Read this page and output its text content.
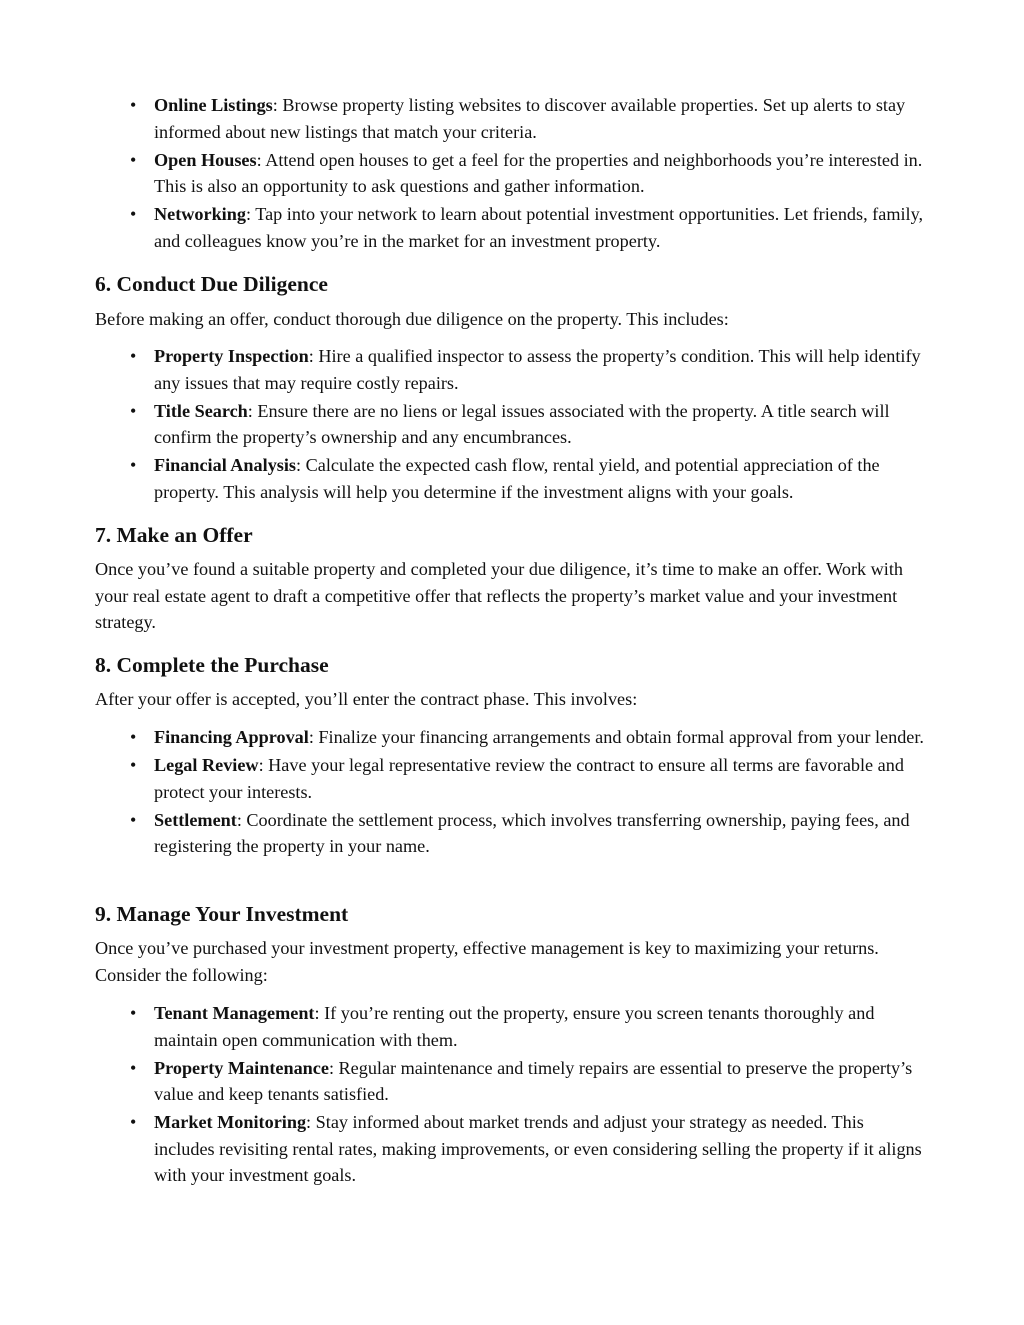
• Online Listings: Browse property listing websites to discover available properties. Set up alerts to stay informed about new listings that match your criteria.
• Open Houses: Attend open houses to get a feel for the properties and neighborhoods you’re interested in. This is also an opportunity to ask questions and gather information.
• Networking: Tap into your network to learn about potential investment opportunities. Let friends, family, and colleagues know you’re in the market for an investment property.
6. Conduct Due Diligence

Before making an offer, conduct thorough due diligence on the property. This includes:

• Property Inspection: Hire a qualified inspector to assess the property’s condition. This will help identify any issues that may require costly repairs.
• Title Search: Ensure there are no liens or legal issues associated with the property. A title search will confirm the property’s ownership and any encumbrances.
• Financial Analysis: Calculate the expected cash flow, rental yield, and potential appreciation of the property. This analysis will help you determine if the investment aligns with your goals.
7. Make an Offer

Once you’ve found a suitable property and completed your due diligence, it’s time to make an offer. Work with your real estate agent to draft a competitive offer that reflects the property’s market value and your investment strategy.

8. Complete the Purchase

After your offer is accepted, you’ll enter the contract phase. This involves:

• Financing Approval: Finalize your financing arrangements and obtain formal approval from your lender.
• Legal Review: Have your legal representative review the contract to ensure all terms are favorable and protect your interests.
• Settlement: Coordinate the settlement process, which involves transferring ownership, paying fees, and registering the property in your name.
9. Manage Your Investment

Once you’ve purchased your investment property, effective management is key to maximizing your returns. Consider the following:

• Tenant Management: If you’re renting out the property, ensure you screen tenants thoroughly and maintain open communication with them.
• Property Maintenance: Regular maintenance and timely repairs are essential to preserve the property’s value and keep tenants satisfied.
• Market Monitoring: Stay informed about market trends and adjust your strategy as needed. This includes revisiting rental rates, making improvements, or even considering selling the property if it aligns with your investment goals.
